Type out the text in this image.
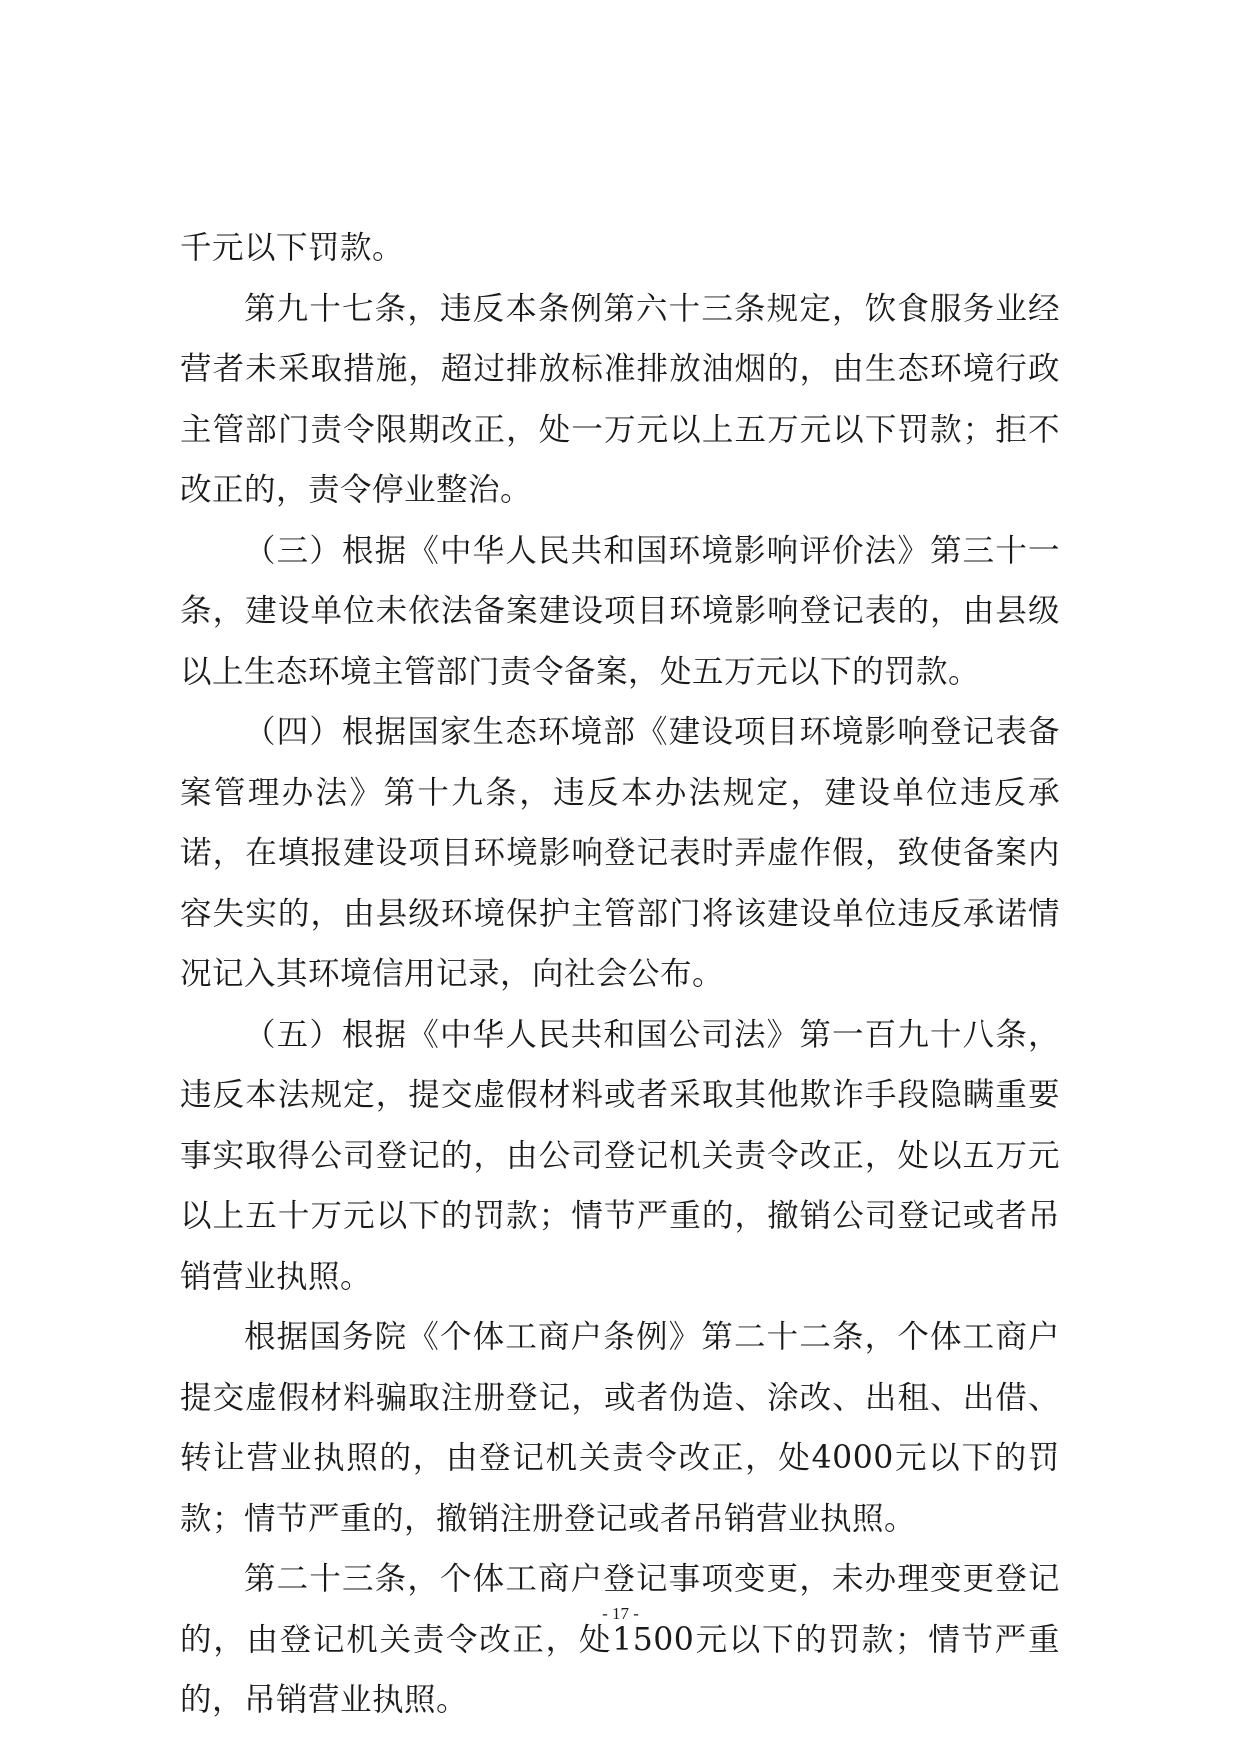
千元以下罚款。

第九十七条，违反本条例第六十三条规定，饮食服务业经营者未采取措施，超过排放标准排放油烟的，由生态环境行政主管部门责令限期改正，处一万元以上五万元以下罚款；拒不改正的，责令停业整治。

（三）根据《中华人民共和国环境影响评价法》第三十一条，建设单位未依法备案建设项目环境影响登记表的，由县级以上生态环境主管部门责令备案，处五万元以下的罚款。

（四）根据国家生态环境部《建设项目环境影响登记表备案管理办法》第十九条，违反本办法规定，建设单位违反承诺，在填报建设项目环境影响登记表时弄虚作假，致使备案内容失实的，由县级环境保护主管部门将该建设单位违反承诺情况记入其环境信用记录，向社会公布。

（五）根据《中华人民共和国公司法》第一百九十八条，违反本法规定，提交虚假材料或者采取其他欺诈手段隐瞒重要事实取得公司登记的，由公司登记机关责令改正，处以五万元以上五十万元以下的罚款；情节严重的，撤销公司登记或者吊销营业执照。

根据国务院《个体工商户条例》第二十二条，个体工商户提交虚假材料骗取注册登记，或者伪造、涂改、出租、出借、转让营业执照的，由登记机关责令改正，处4000元以下的罚款；情节严重的，撤销注册登记或者吊销营业执照。

第二十三条，个体工商户登记事项变更，未办理变更登记的，由登记机关责令改正，处1500元以下的罚款；情节严重的，吊销营业执照。

- 17 -
